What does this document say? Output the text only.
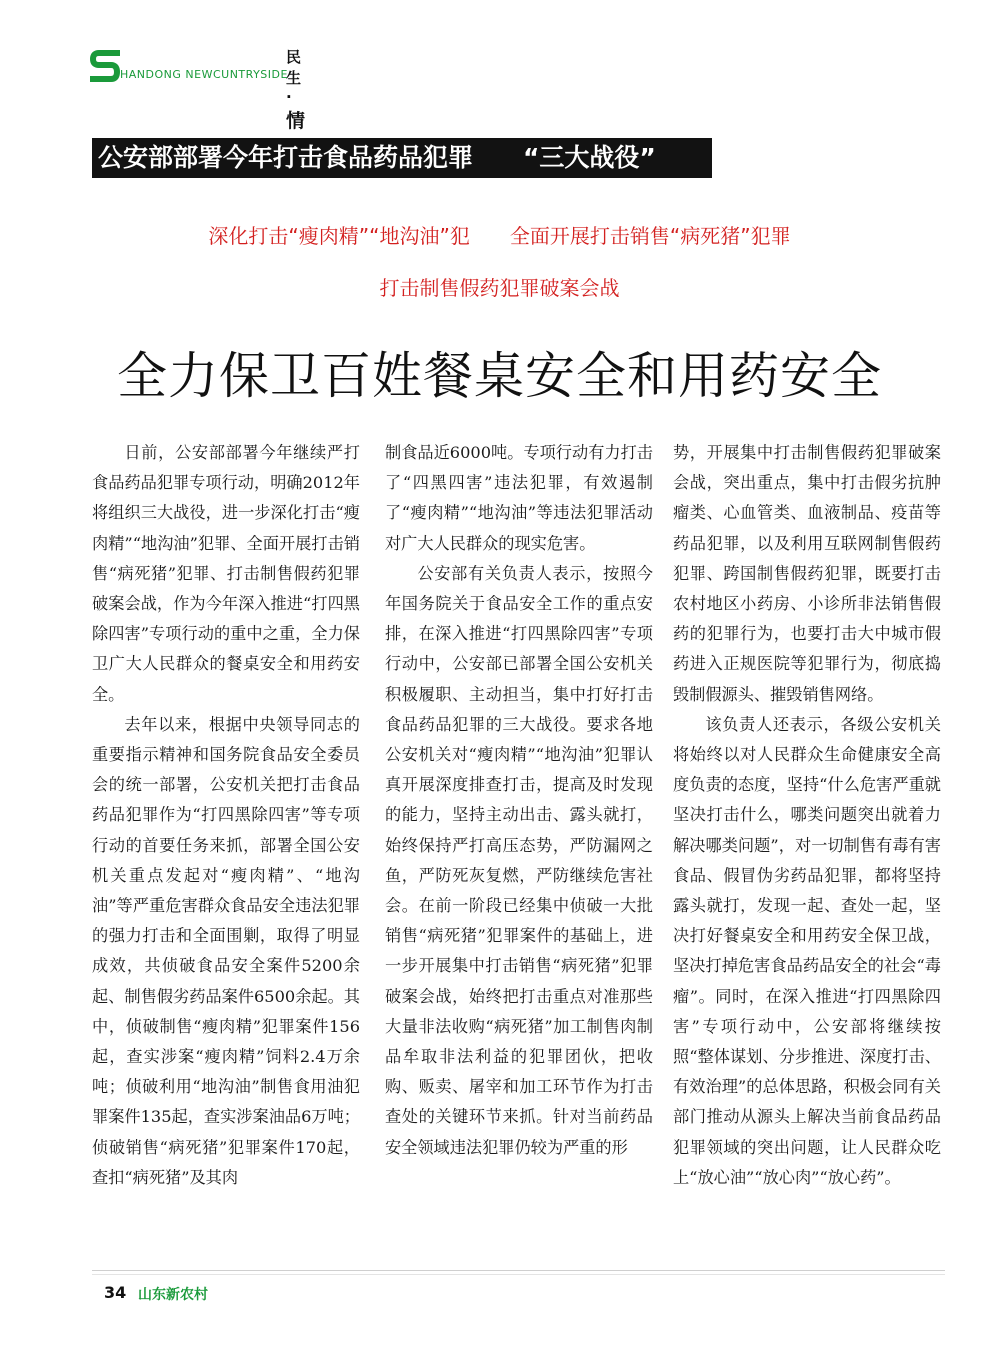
民生 · 情
HANDONG NEWCUNTRYSIDE
公安部部署今年打击食品药品犯罪　　“三大战役”
深化打击“瘦肉精”“地沟油”犯　　全面开展打击销售“病死猪”犯罪
打击制售假药犯罪破案会战
全力保卫百姓餐桌安全和用药安全

日前，公安部部署今年继续严打食品药品犯罪专项行动，明确2012年将组织三大战役，进一步深化打击“瘦肉精”“地沟油”犯罪、全面开展打击销售“病死猪”犯罪、打击制售假药犯罪破案会战，作为今年深入推进“打四黑除四害”专项行动的重中之重，全力保卫广大人民群众的餐桌安全和用药安全。

去年以来，根据中央领导同志的重要指示精神和国务院食品安全委员会的统一部署，公安机关把打击食品药品犯罪作为“打四黑除四害”等专项行动的首要任务来抓，部署全国公安机关重点发起对“瘦肉精”、“地沟油”等严重危害群众食品安全违法犯罪的强力打击和全面围剿，取得了明显成效，共侦破食品安全案件5200余起、制售假劣药品案件6500余起。其中，侦破制售“瘦肉精”犯罪案件156起，查实涉案“瘦肉精”饲料2.4万余吨；侦破利用“地沟油”制售食用油犯罪案件135起，查实涉案油品6万吨；侦破销售“病死猪”犯罪案件170起，查扣“病死猪”及其肉

制食品近6000吨。专项行动有力打击了“四黑四害”违法犯罪，有效遏制了“瘦肉精”“地沟油”等违法犯罪活动对广大人民群众的现实危害。

公安部有关负责人表示，按照今年国务院关于食品安全工作的重点安排，在深入推进“打四黑除四害”专项行动中，公安部已部署全国公安机关积极履职、主动担当，集中打好打击食品药品犯罪的三大战役。要求各地公安机关对“瘦肉精”“地沟油”犯罪认真开展深度排查打击，提高及时发现的能力，坚持主动出击、露头就打，始终保持严打高压态势，严防漏网之鱼，严防死灰复燃，严防继续危害社会。在前一阶段已经集中侦破一大批销售“病死猪”犯罪案件的基础上，进一步开展集中打击销售“病死猪”犯罪破案会战，始终把打击重点对准那些大量非法收购“病死猪”加工制售肉制品牟取非法利益的犯罪团伙，把收购、贩卖、屠宰和加工环节作为打击查处的关键环节来抓。针对当前药品安全领域违法犯罪仍较为严重的形

势，开展集中打击制售假药犯罪破案会战，突出重点，集中打击假劣抗肿瘤类、心血管类、血液制品、疫苗等药品犯罪，以及利用互联网制售假药犯罪、跨国制售假药犯罪，既要打击农村地区小药房、小诊所非法销售假药的犯罪行为，也要打击大中城市假药进入正规医院等犯罪行为，彻底捣毁制假源头、摧毁销售网络。

该负责人还表示，各级公安机关将始终以对人民群众生命健康安全高度负责的态度，坚持“什么危害严重就坚决打击什么，哪类问题突出就着力解决哪类问题”，对一切制售有毒有害食品、假冒伪劣药品犯罪，都将坚持露头就打，发现一起、查处一起，坚决打好餐桌安全和用药安全保卫战，坚决打掉危害食品药品安全的社会“毒瘤”。同时，在深入推进“打四黑除四害”专项行动中，公安部将继续按照“整体谋划、分步推进、深度打击、有效治理”的总体思路，积极会同有关部门推动从源头上解决当前食品药品犯罪领域的突出问题，让人民群众吃上“放心油”“放心肉”“放心药”。

34 山东新农村
